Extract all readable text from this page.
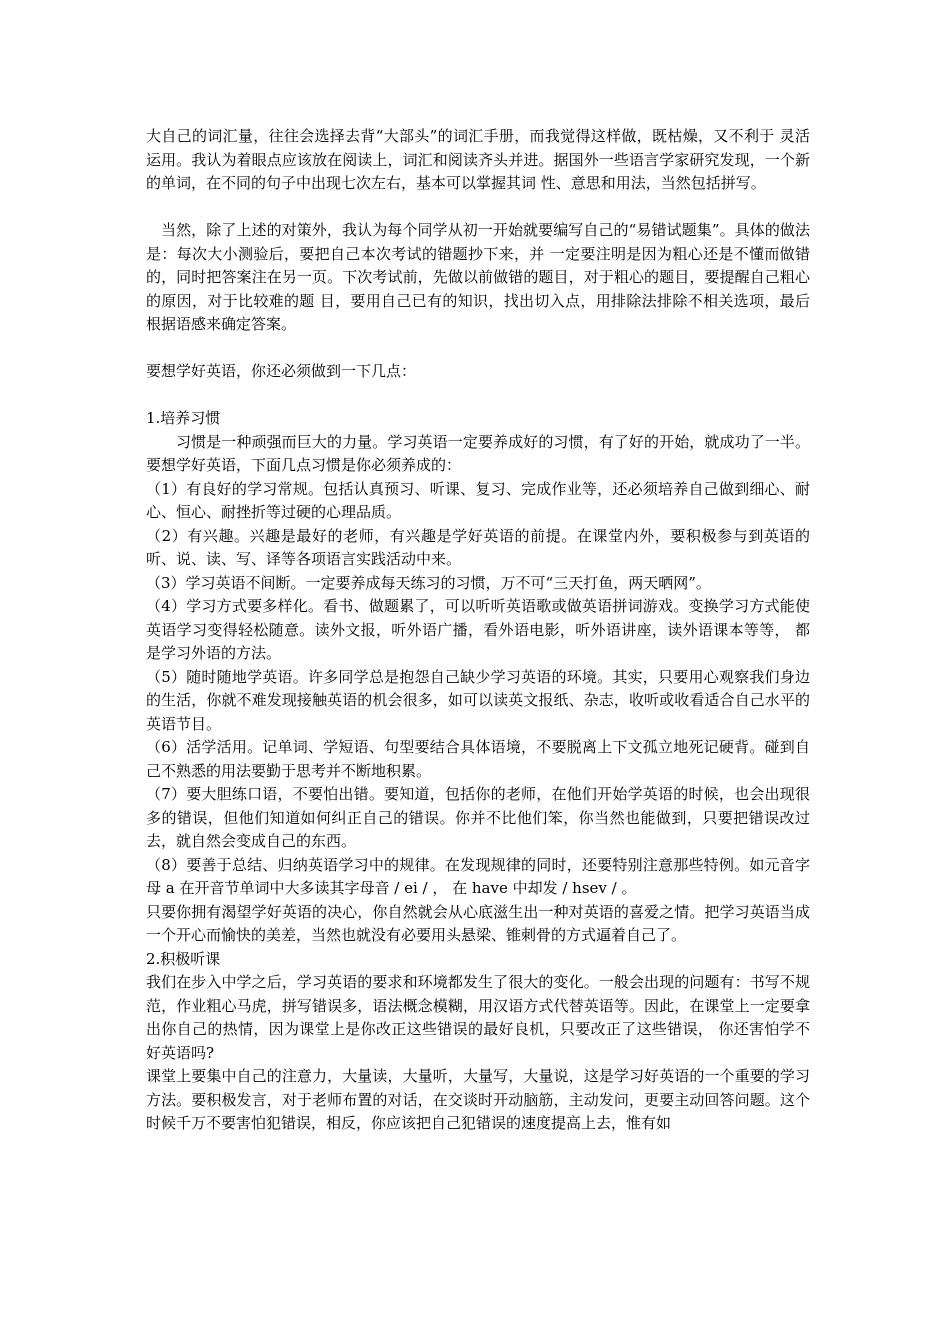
大自己的词汇量，往往会选择去背“大部头”的词汇手册，而我觉得这样做，既枯燥，又不利于 灵活运用。我认为着眼点应该放在阅读上，词汇和阅读齐头并进。据国外一些语言学家研究发现，一个新的单词，在不同的句子中出现七次左右，基本可以掌握其词 性、意思和用法，当然包括拼写。

当然，除了上述的对策外，我认为每个同学从初一开始就要编写自己的“易错试题集”。具体的做法是：每次大小测验后，要把自己本次考试的错题抄下来，并 一定要注明是因为粗心还是不懂而做错的，同时把答案注在另一页。下次考试前，先做以前做错的题目，对于粗心的题目，要提醒自己粗心的原因，对于比较难的题 目，要用自己已有的知识，找出切入点，用排除法排除不相关选项，最后根据语感来确定答案。

要想学好英语，你还必须做到一下几点：

1.培养习惯

习惯是一种顽强而巨大的力量。学习英语一定要养成好的习惯，有了好的开始，就成功了一半。要想学好英语，下面几点习惯是你必须养成的：

（1）有良好的学习常规。包括认真预习、听课、复习、完成作业等，还必须培养自己做到细心、耐心、恒心、耐挫折等过硬的心理品质。

（2）有兴趣。兴趣是最好的老师，有兴趣是学好英语的前提。在课堂内外，要积极参与到英语的听、说、读、写、译等各项语言实践活动中来。

（3）学习英语不间断。一定要养成每天练习的习惯，万不可“三天打鱼，两天晒网”。

（4）学习方式要多样化。看书、做题累了，可以听听英语歌或做英语拼词游戏。变换学习方式能使英语学习变得轻松随意。读外文报，听外语广播，看外语电影，听外语讲座，读外语课本等等， 都是学习外语的方法。

（5）随时随地学英语。许多同学总是抱怨自己缺少学习英语的环境。其实，只要用心观察我们身边的生活，你就不难发现接触英语的机会很多，如可以读英文报纸、杂志，收听或收看适合自己水平的英语节目。

（6）活学活用。记单词、学短语、句型要结合具体语境，不要脱离上下文孤立地死记硬背。碰到自己不熟悉的用法要勤于思考并不断地积累。

（7）要大胆练口语，不要怕出错。要知道，包括你的老师，在他们开始学英语的时候，也会出现很多的错误，但他们知道如何纠正自己的错误。你并不比他们笨，你当然也能做到，只要把错误改过去，就自然会变成自己的东西。

（8）要善于总结、归纳英语学习中的规律。在发现规律的同时，还要特别注意那些特例。如元音字母 a 在开音节单词中大多读其字母音 / ei / ， 在 have 中却发 / hsev / 。

只要你拥有渴望学好英语的决心，你自然就会从心底滋生出一种对英语的喜爱之情。把学习英语当成一个开心而愉快的美差，当然也就没有必要用头悬梁、锥刺骨的方式逼着自己了。

2.积极听课

我们在步入中学之后，学习英语的要求和环境都发生了很大的变化。一般会出现的问题有：书写不规范，作业粗心马虎，拼写错误多，语法概念模糊，用汉语方式代替英语等。因此，在课堂上一定要拿出你自己的热情，因为课堂上是你改正这些错误的最好良机，只要改正了这些错误， 你还害怕学不好英语吗?

课堂上要集中自己的注意力，大量读，大量听，大量写，大量说，这是学习好英语的一个重要的学习方法。要积极发言，对于老师布置的对话，在交谈时开动脑筋，主动发问，更要主动回答问题。这个时候千万不要害怕犯错误，相反，你应该把自己犯错误的速度提高上去，惟有如
